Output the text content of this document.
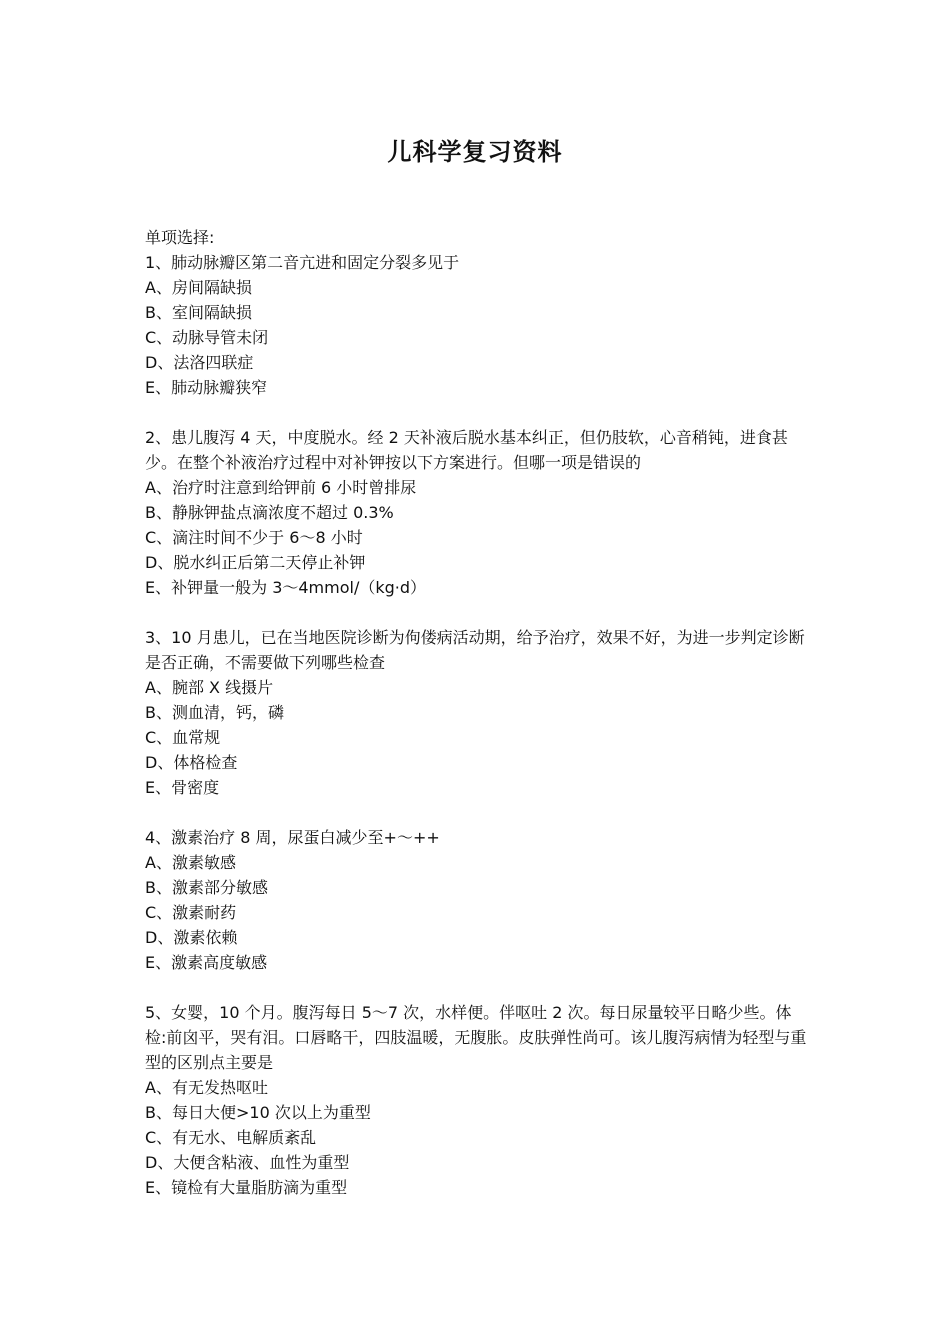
儿科学复习资料

单项选择:

1、肺动脉瓣区第二音亢进和固定分裂多见于

A、房间隔缺损
B、室间隔缺损
C、动脉导管未闭
D、法洛四联症
E、肺动脉瓣狭窄

2、患儿腹泻 4 天，中度脱水。经 2 天补液后脱水基本纠正，但仍肢软，心音稍钝，进食甚少。在整个补液治疗过程中对补钾按以下方案进行。但哪一项是错误的

A、治疗时注意到给钾前 6 小时曾排尿
B、静脉钾盐点滴浓度不超过 0.3%
C、滴注时间不少于 6～8 小时
D、脱水纠正后第二天停止补钾
E、补钾量一般为 3～4mmol/（kg·d）

3、10 月患儿，已在当地医院诊断为佝偻病活动期，给予治疗，效果不好，为进一步判定诊断是否正确，不需要做下列哪些检查

A、腕部 X 线摄片
B、测血清，钙，磷
C、血常规
D、体格检查
E、骨密度

4、激素治疗 8 周，尿蛋白减少至+～++

A、激素敏感
B、激素部分敏感
C、激素耐药
D、激素依赖
E、激素高度敏感

5、女婴，10 个月。腹泻每日 5～7 次，水样便。伴呕吐 2 次。每日尿量较平日略少些。体检:前囟平，哭有泪。口唇略干，四肢温暖，无腹胀。皮肤弹性尚可。该儿腹泻病情为轻型与重型的区别点主要是

A、有无发热呕吐
B、每日大便>10 次以上为重型
C、有无水、电解质紊乱
D、大便含粘液、血性为重型
E、镜检有大量脂肪滴为重型
